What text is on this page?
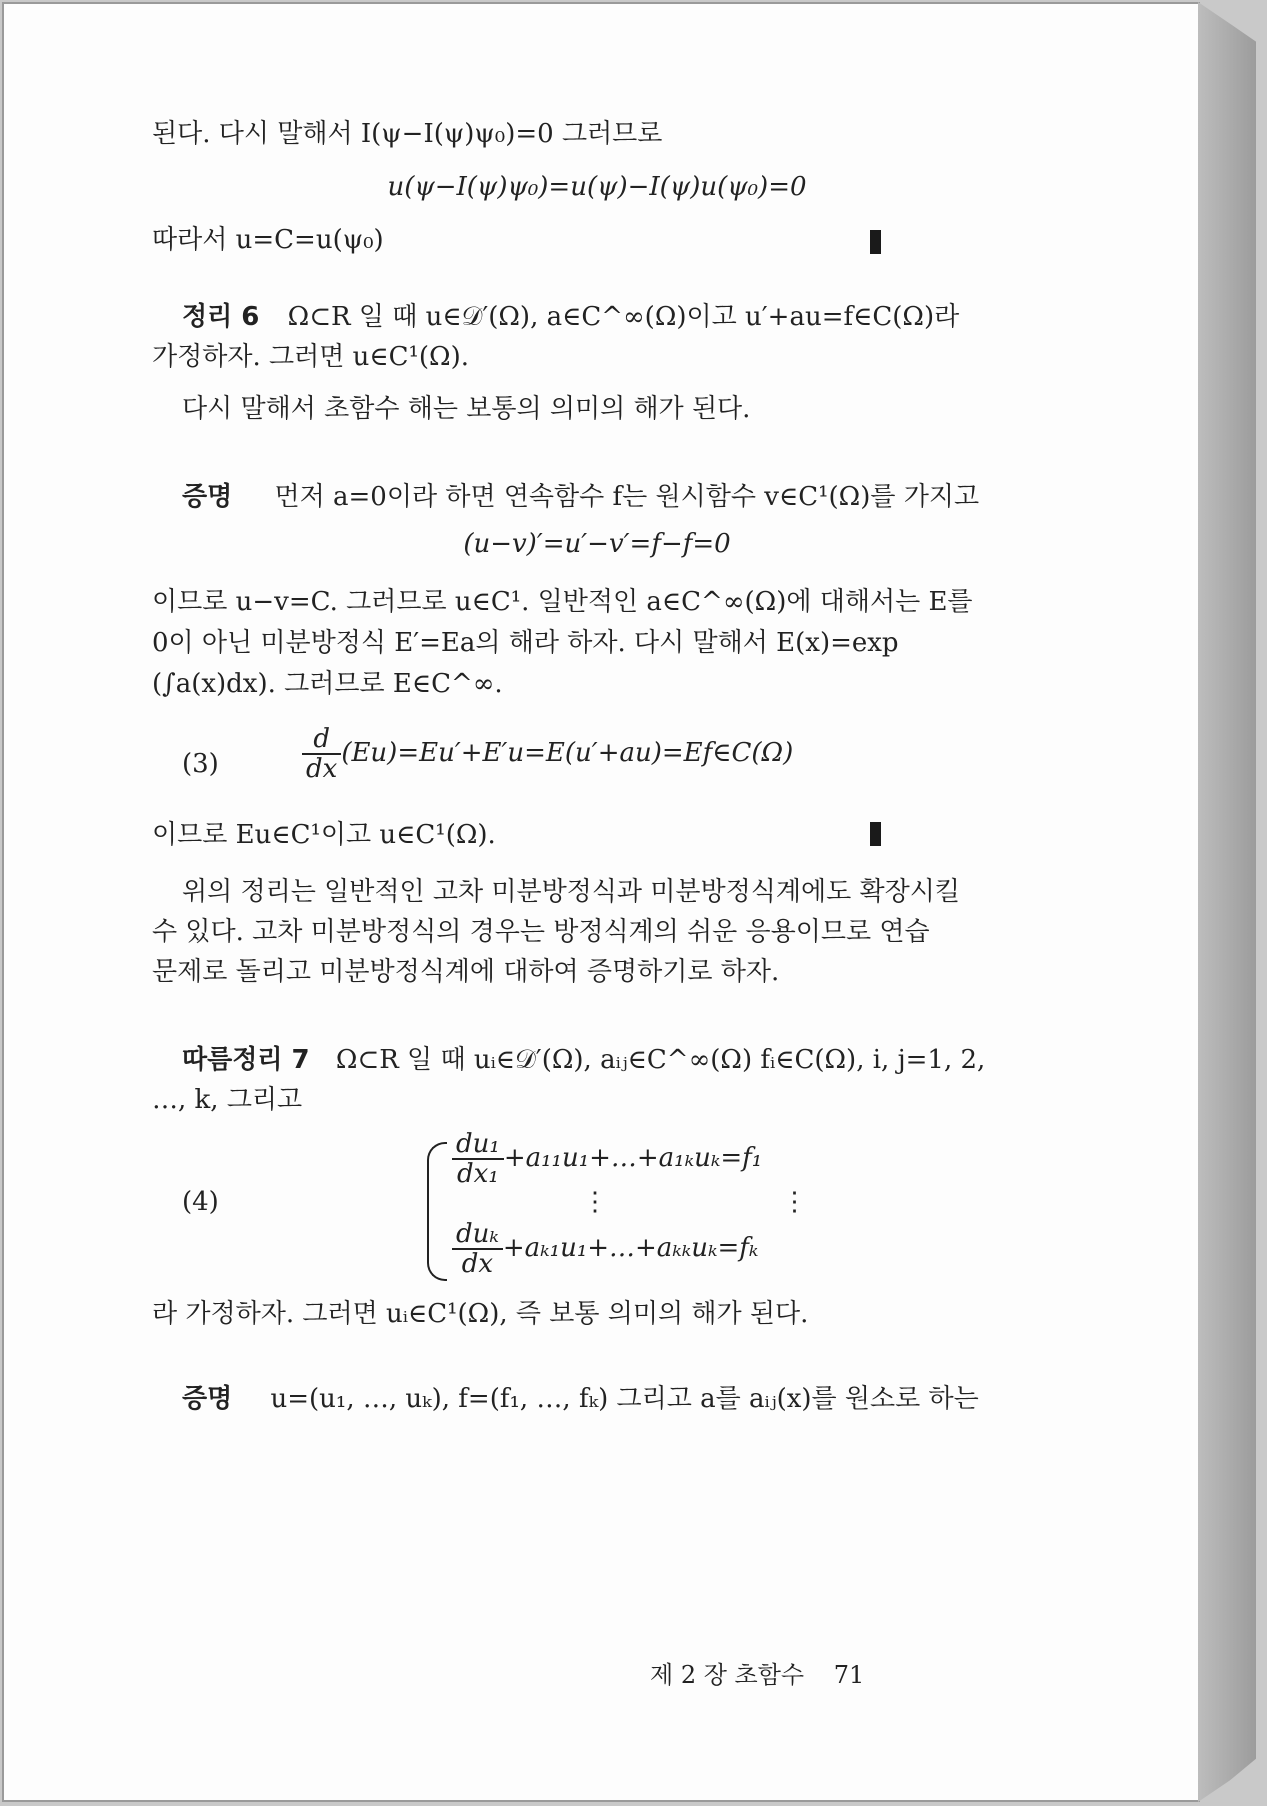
된다. 다시 말해서 I(ψ−I(ψ)ψ₀)=0 그러므로
u(ψ−I(ψ)ψ₀)=u(ψ)−I(ψ)u(ψ₀)=0
따라서 u=C=u(ψ₀)
정리 6 Ω⊂R 일 때 u∈𝒟′(Ω), a∈C^∞(Ω)이고 u′+au=f∈C(Ω)라
가정하자. 그러면 u∈C¹(Ω).
다시 말해서 초함수 해는 보통의 의미의 해가 된다.
증명 먼저 a=0이라 하면 연속함수 f는 원시함수 v∈C¹(Ω)를 가지고
(u−v)′=u′−v′=f−f=0
이므로 u−v=C. 그러므로 u∈C¹. 일반적인 a∈C^∞(Ω)에 대해서는 E를
0이 아닌 미분방정식 E′=Ea의 해라 하자. 다시 말해서 E(x)=exp
(∫a(x)dx). 그러므로 E∈C^∞.
(3)	$\frac{d}{dx}$ (Eu)=Eu′+E′u=E(u′+au)=Ef∈C(Ω)
이므로 Eu∈C¹이고 u∈C¹(Ω).
위의 정리는 일반적인 고차 미분방정식과 미분방정식계에도 확장시킬
수 있다. 고차 미분방정식의 경우는 방정식계의 쉬운 응용이므로 연습
문제로 돌리고 미분방정식계에 대하여 증명하기로 하자.
따름정리 7 Ω⊂R 일 때 uᵢ∈𝒟′(Ω), aᵢⱼ∈C^∞(Ω) fᵢ∈C(Ω), i, j=1, 2,
…, k, 그리고
(4)
$\frac{\text{du₁}}{\text{dx₁}}$ +a₁₁u₁+…+a₁ₖuₖ=f₁
⋮                     ⋮
$\frac{\text{duₖ}}{dx}$ +aₖ₁u₁+…+aₖₖuₖ=fₖ
라 가정하자. 그러면 uᵢ∈C¹(Ω), 즉 보통 의미의 해가 된다.
증명 u=(u₁, …, uₖ), f=(f₁, …, fₖ) 그리고 a를 aᵢⱼ(x)를 원소로 하는
제 2 장 초함수 71
